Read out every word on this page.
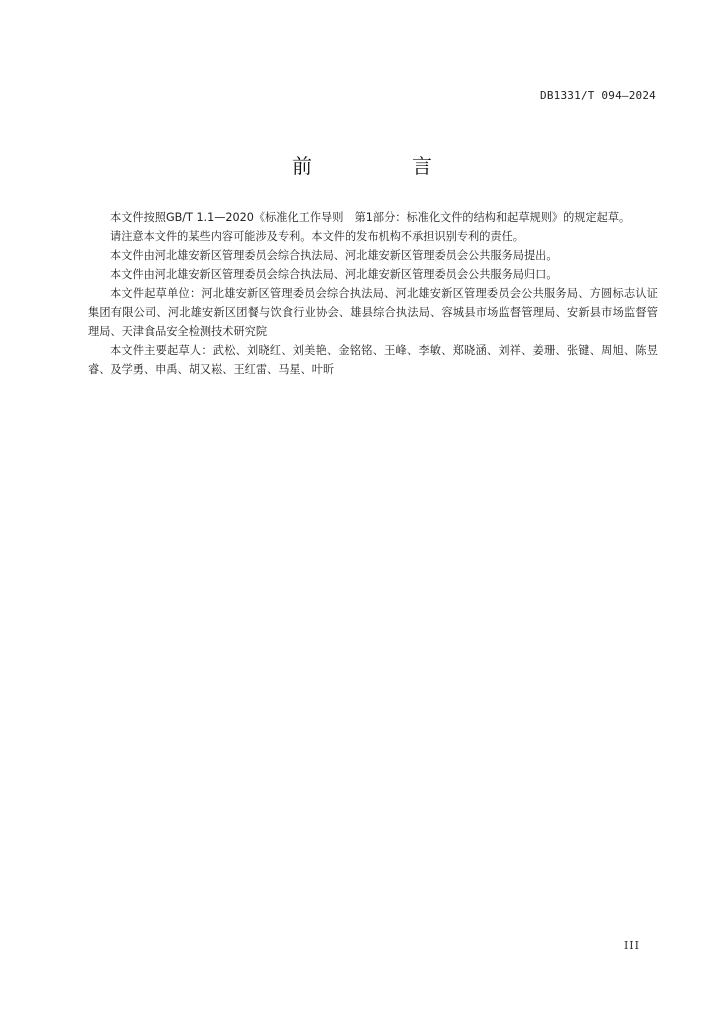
DB1331/T 094—2024
前　言

本文件按照GB/T 1.1—2020《标准化工作导则　第1部分：标准化文件的结构和起草规则》的规定起草。

请注意本文件的某些内容可能涉及专利。本文件的发布机构不承担识别专利的责任。

本文件由河北雄安新区管理委员会综合执法局、河北雄安新区管理委员会公共服务局提出。

本文件由河北雄安新区管理委员会综合执法局、河北雄安新区管理委员会公共服务局归口。

本文件起草单位：河北雄安新区管理委员会综合执法局、河北雄安新区管理委员会公共服务局、方圆标志认证集团有限公司、河北雄安新区团餐与饮食行业协会、雄县综合执法局、容城县市场监督管理局、安新县市场监督管理局、天津食品安全检测技术研究院

本文件主要起草人：武松、刘晓红、刘美艳、金铭铭、王峰、李敏、郑晓涵、刘祥、姜珊、张键、周旭、陈昱睿、及学勇、申禹、胡又崧、王红雷、马星、叶昕

III
